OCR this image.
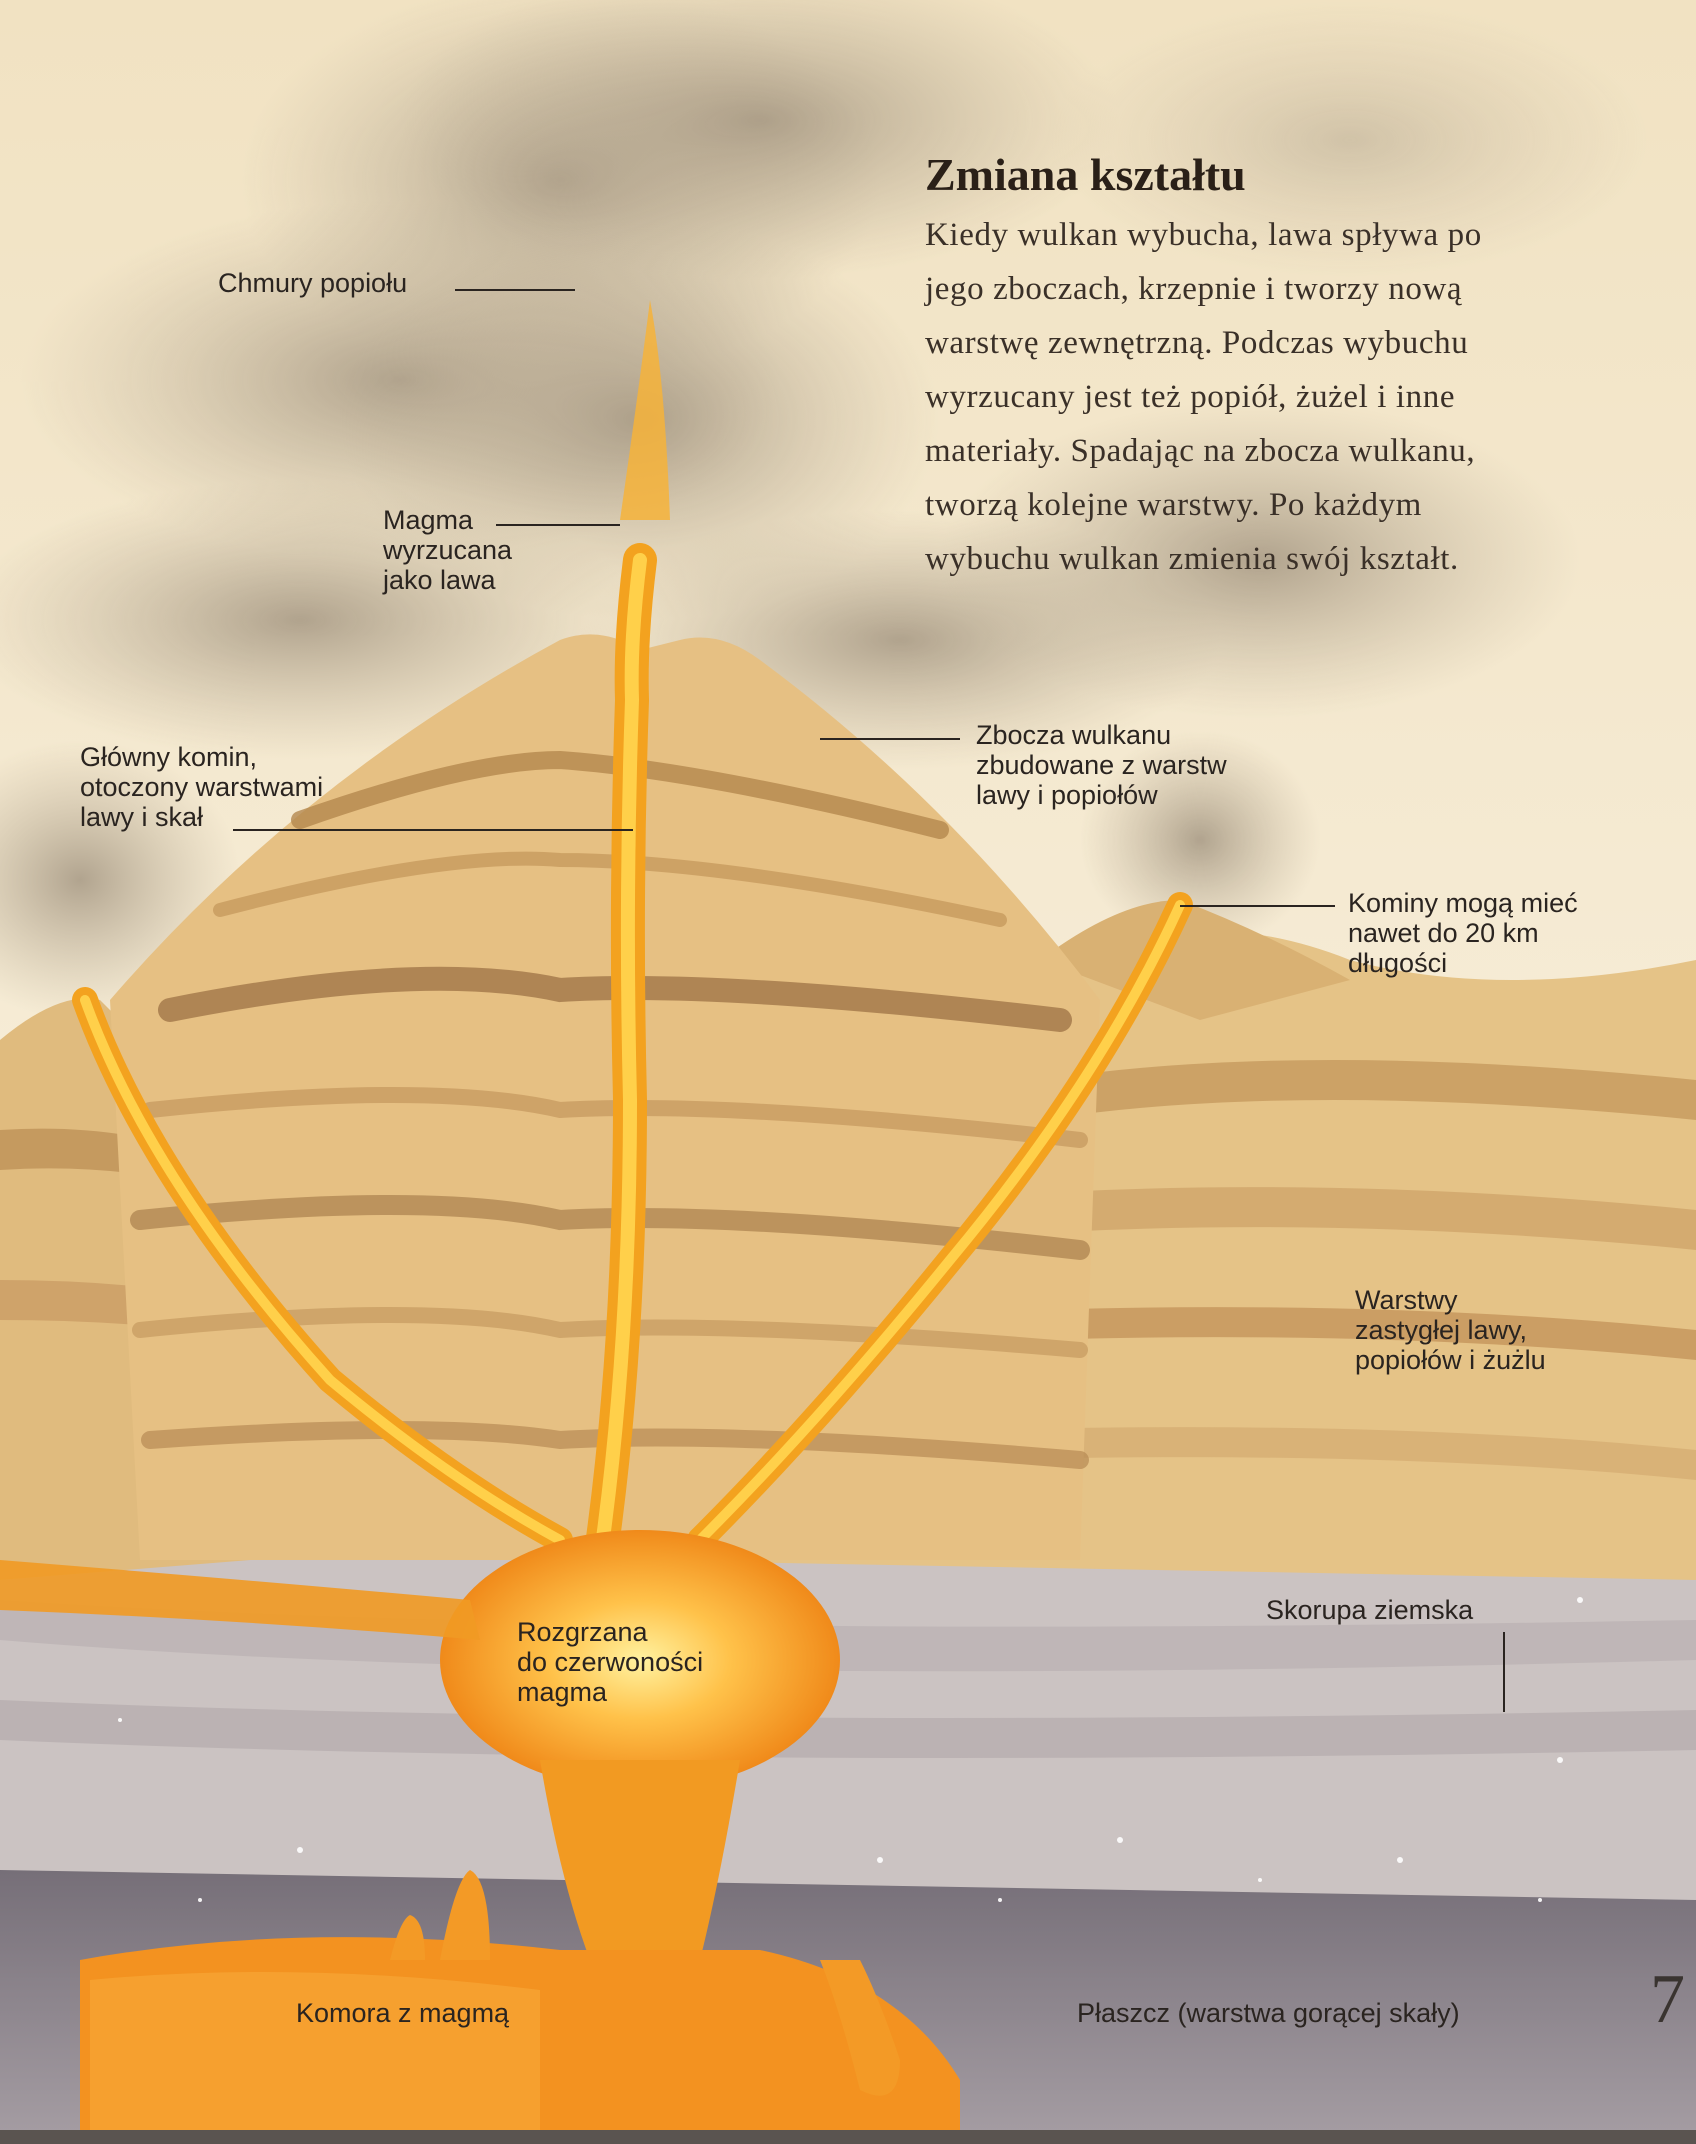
Zmiana kształtu
Kiedy wulkan wybucha, lawa spływa po
jego zboczach, krzepnie i tworzy nową
warstwę zewnętrzną. Podczas wybuchu
wyrzucany jest też popiół, żużel i inne
materiały. Spadając na zbocza wulkanu,
tworzą kolejne warstwy. Po każdym
wybuchu wulkan zmienia swój kształt.
Chmury popiołu
Magma
wyrzucana
jako lawa
Główny komin,
otoczony warstwami
lawy i skał
Zbocza wulkanu
zbudowane z warstw
lawy i popiołów
Kominy mogą mieć
nawet do 20 km
długości
Warstwy
zastygłej lawy,
popiołów i żużlu
Skorupa ziemska
Rozgrzana
do czerwoności
magma
Komora z magmą	Płaszcz (warstwa gorącej skały)	7
